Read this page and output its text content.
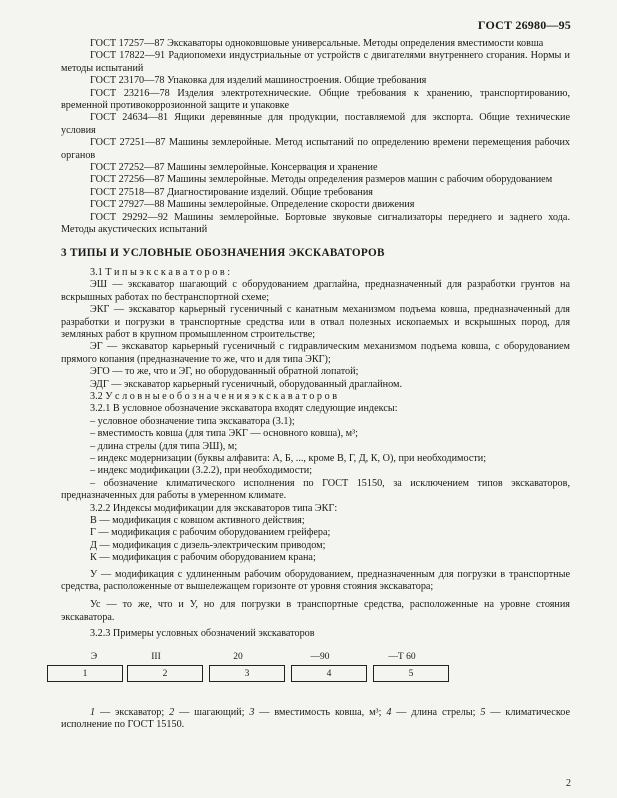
ГОСТ 26980—95

ГОСТ 17257—87 Экскаваторы одноковшовые универсальные. Методы определения вместимости ковша

ГОСТ 17822—91 Радиопомехи индустриальные от устройств с двигателями внутреннего сгорания. Нормы и методы испытаний

ГОСТ 23170—78 Упаковка для изделий машиностроения. Общие требования

ГОСТ 23216—78 Изделия электротехнические. Общие требования к хранению, транспортированию, временной противокоррозионной защите и упаковке

ГОСТ 24634—81 Ящики деревянные для продукции, поставляемой для экспорта. Общие технические условия

ГОСТ 27251—87 Машины землеройные. Метод испытаний по определению времени перемещения рабочих органов

ГОСТ 27252—87 Машины землеройные. Консервация и хранение

ГОСТ 27256—87 Машины землеройные. Методы определения размеров машин с рабочим оборудованием

ГОСТ 27518—87 Диагностирование изделий. Общие требования

ГОСТ 27927—88 Машины землеройные. Определение скорости движения

ГОСТ 29292—92 Машины землеройные. Бортовые звуковые сигнализаторы переднего и заднего хода. Методы акустических испытаний

3 ТИПЫ И УСЛОВНЫЕ ОБОЗНАЧЕНИЯ ЭКСКАВАТОРОВ

3.1 Т и п ы э к с к а в а т о р о в :

ЭШ — экскаватор шагающий с оборудованием драглайна, предназначенный для разработки грунтов на вскрышных работах по бестранспортной схеме;

ЭКГ — экскаватор карьерный гусеничный с канатным механизмом подъема ковша, предназначенный для разработки и погрузки в транспортные средства или в отвал полезных ископаемых и вскрышных пород, для земляных работ в крупном промышленном строительстве;

ЭГ — экскаватор карьерный гусеничный с гидравлическим механизмом подъема ковша, с оборудованием прямого копания (предназначение то же, что и для типа ЭКГ);

ЭГО — то же, что и ЭГ, но оборудованный обратной лопатой;

ЭДГ — экскаватор карьерный гусеничный, оборудованный драглайном.

3.2 У с л о в н ы е о б о з н а ч е н и я э к с к а в а т о р о в

3.2.1 В условное обозначение экскаватора входят следующие индексы:

– условное обозначение типа экскаватора (3.1);

– вместимость ковша (для типа ЭКГ — основного ковша), м³;

– длина стрелы (для типа ЭШ), м;

– индекс модернизации (буквы алфавита: А, Б, ..., кроме В, Г, Д, К, О), при необходимости;

– индекс модификации (3.2.2), при необходимости;

– обозначение климатического исполнения по ГОСТ 15150, за исключением типов экскаваторов, предназначенных для работы в умеренном климате.

3.2.2 Индексы модификации для экскаваторов типа ЭКГ:

В — модификация с ковшом активного действия;

Г — модификация с рабочим оборудованием грейфера;

Д — модификация с дизель-электрическим приводом;

К — модификация с рабочим оборудованием крана;

У — модификация с удлиненным рабочим оборудованием, предназначенным для погрузки в транспортные средства, расположенные от вышележащем горизонте от уровня стояния экскаватора;

Ус — то же, что и У, но для погрузки в транспортные средства, расположенные на уровне стояния экскаватора.

3.2.3 Примеры условных обозначений экскаваторов

Э	III	20	—90	—Т 60
1	2	3	4	5

1 — экскаватор; 2 — шагающий; 3 — вместимость ковша, м³; 4 — длина стрелы; 5 — климатическое исполнение по ГОСТ 15150.

2
